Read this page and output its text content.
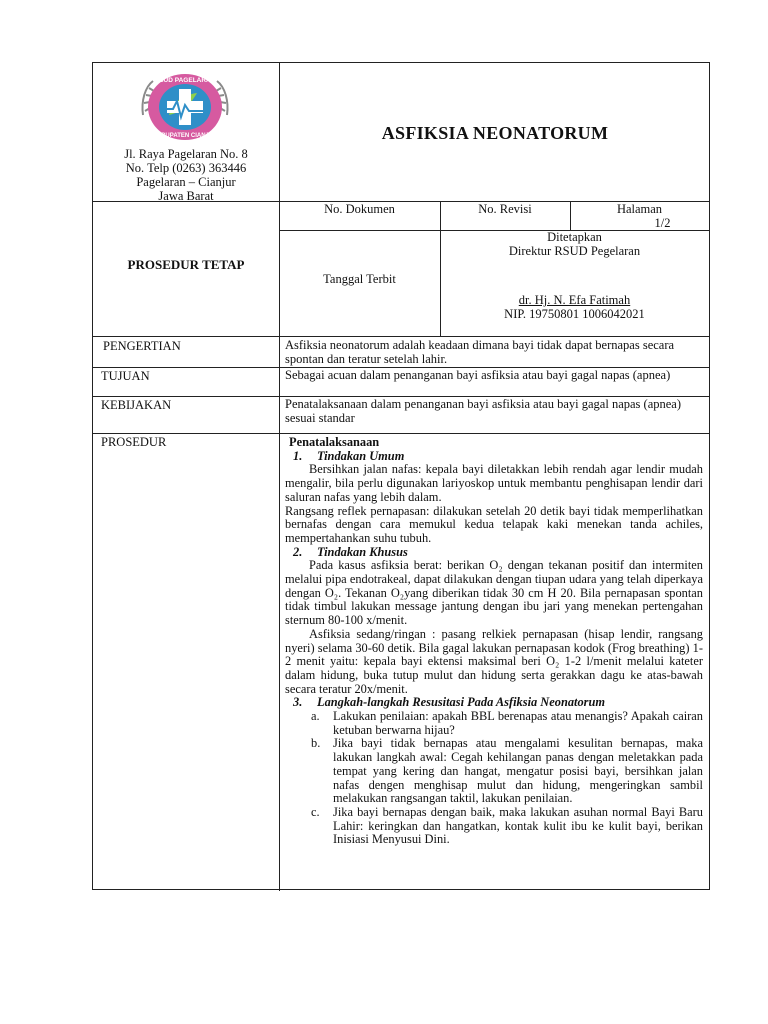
RSUD PAGELARAN
KABUPATEN CIANJUR
Jl. Raya Pagelaran No. 8
No. Telp (0263) 363446
Pagelaran – Cianjur
Jawa Barat
ASFIKSIA NEONATORUM
PROSEDUR TETAP
No. Dokumen	No. Revisi	Halaman
1/2
Tanggal Terbit
Ditetapkan
Direktur RSUD Pegelaran
dr. Hj. N. Efa Fatimah
NIP. 19750801 1006042021
PENGERTIAN	Asfiksia neonatorum adalah keadaan dimana bayi tidak dapat bernapas secara spontan dan teratur setelah lahir.
TUJUAN	Sebagai acuan dalam penanganan bayi asfiksia atau bayi gagal napas (apnea)
KEBIJAKAN	Penatalaksanaan dalam penanganan bayi asfiksia atau bayi gagal napas (apnea) sesuai standar
PROSEDUR	Penatalaksanaan

1. Tindakan Umum

Bersihkan jalan nafas: kepala bayi diletakkan lebih rendah agar lendir mudah mengalir, bila perlu digunakan lariyoskop untuk membantu penghisapan lendir dari saluran nafas yang lebih dalam.

Rangsang reflek pernapasan: dilakukan setelah 20 detik bayi tidak memperlihatkan bernafas dengan cara memukul kedua telapak kaki menekan tanda achiles, mempertahankan suhu tubuh.

2. Tindakan Khusus

Pada kasus asfiksia berat: berikan O₂ dengan tekanan positif dan intermiten melalui pipa endotrakeal, dapat dilakukan dengan tiupan udara yang telah diperkaya dengan O₂. Tekanan O₂yang diberikan tidak 30 cm H 20. Bila pernapasan spontan tidak timbul lakukan message jantung dengan ibu jari yang menekan pertengahan sternum 80-100 x/menit.

Asfiksia sedang/ringan : pasang relkiek pernapasan (hisap lendir, rangsang nyeri) selama 30-60 detik. Bila gagal lakukan pernapasan kodok (Frog breathing) 1-2 menit yaitu: kepala bayi ektensi maksimal beri O₂ 1-2 l/menit melalui kateter dalam hidung, buka tutup mulut dan hidung serta gerakkan dagu ke atas-bawah secara teratur 20x/menit.

3. Langkah-langkah Resusitasi Pada Asfiksia Neonatorum

a.	Lakukan penilaian: apakah BBL berenapas atau menangis? Apakah cairan ketuban berwarna hijau?
b.	Jika bayi tidak bernapas atau mengalami kesulitan bernapas, maka lakukan langkah awal: Cegah kehilangan panas dengan meletakkan pada tempat yang kering dan hangat, mengatur posisi bayi, bersihkan jalan nafas dengen menghisap mulut dan hidung, mengeringkan sambil melakukan rangsangan taktil, lakukan penilaian.
c.	Jika bayi bernapas dengan baik, maka lakukan asuhan normal Bayi Baru Lahir: keringkan dan hangatkan, kontak kulit ibu ke kulit bayi, berikan Inisiasi Menyusui Dini.
